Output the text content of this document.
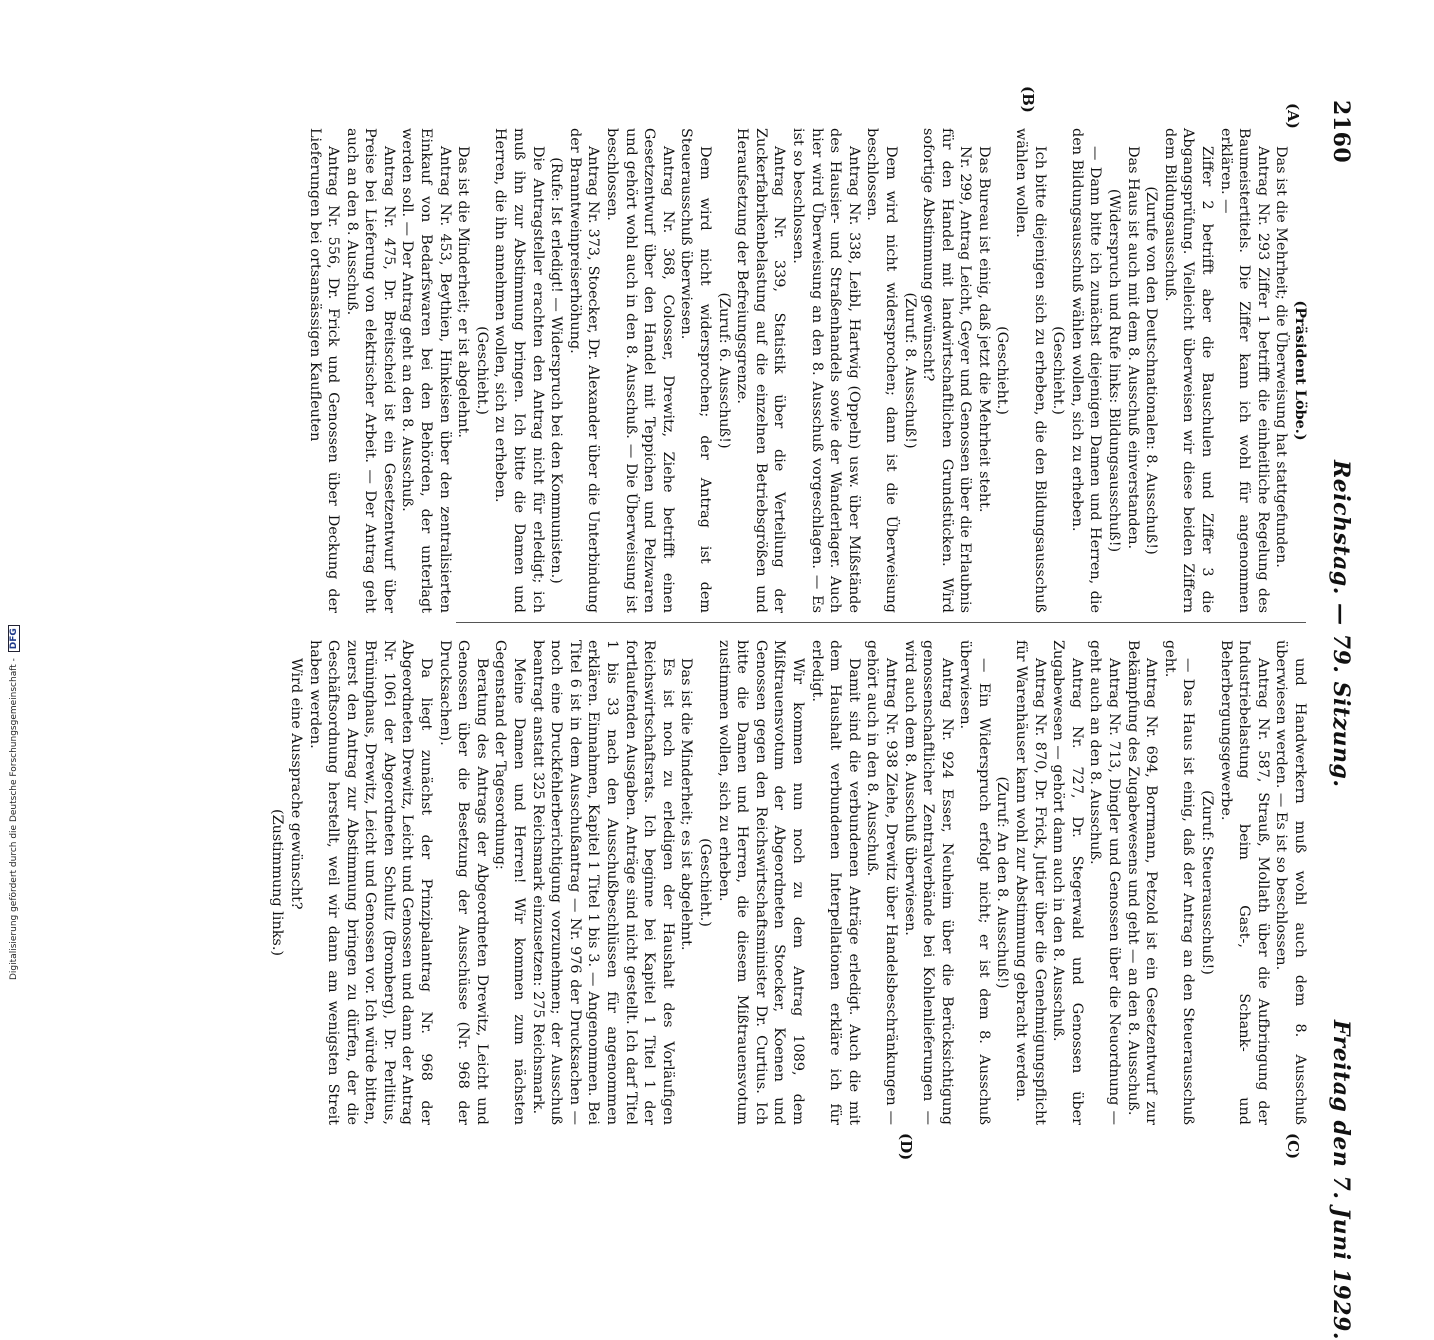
2160
Reichstag. — 79. Sitzung.
Freitag den 7. Juni 1929.
(A)
(B)
(C)
(D)

(Präsident Löbe.)

Das ist die Mehrheit; die Überweisung hat stattgefunden.

Antrag Nr. 293 Ziffer 1 betrifft die einheitliche Regelung des Baumeistertitels. Die Ziffer kann ich wohl für angenommen erklären. —

Ziffer 2 betrifft aber die Bauschulen und Ziffer 3 die Abgangsprüfung. Vielleicht überweisen wir diese beiden Ziffern dem Bildungsausschuß.

(Zurufe von den Deutschnationalen: 8. Ausschuß!)

Das Haus ist auch mit dem 8. Ausschuß einverstanden.

(Widerspruch und Rufe links: Bildungsausschuß!)

— Dann bitte ich zunächst diejenigen Damen und Herren, die den Bildungsausschuß wählen wollen, sich zu erheben.

(Geschieht.)

Ich bitte diejenigen sich zu erheben, die den Bildungsausschuß wählen wollen.

(Geschieht.)

Das Bureau ist einig, daß jetzt die Mehrheit steht.

Nr. 299, Antrag Leicht, Geyer und Genossen über die Erlaubnis für den Handel mit landwirtschaftlichen Grundstücken. Wird sofortige Abstimmung gewünscht?

(Zuruf: 8. Ausschuß!)

Dem wird nicht widersprochen; dann ist die Überweisung beschlossen.

Antrag Nr. 338, Leibl, Hartwig (Oppeln) usw. über Mißstände des Hausier- und Straßenhandels sowie der Wanderlager. Auch hier wird Überweisung an den 8. Ausschuß vorgeschlagen. — Es ist so beschlossen.

Antrag Nr. 339, Statistik über die Verteilung der Zuckerfabrikenbelastung auf die einzelnen Betriebsgrößen und Heraufsetzung der Befreiungsgrenze.

(Zuruf: 6. Ausschuß!)

Dem wird nicht widersprochen; der Antrag ist dem Steuerausschuß überwiesen.

Antrag Nr. 368, Colosser, Drewitz, Ziehe betrifft einen Gesetzentwurf über den Handel mit Teppichen und Pelzwaren und gehört wohl auch in den 8. Ausschuß. — Die Überweisung ist beschlossen.

Antrag Nr. 373, Stoecker, Dr. Alexander über die Unterbindung der Branntweinpreiserhöhung.

(Rufe: Ist erledigt! — Widerspruch bei den Kommunisten.)

Die Antragsteller erachten den Antrag nicht für erledigt; ich muß ihn zur Abstimmung bringen. Ich bitte die Damen und Herren, die ihn annehmen wollen, sich zu erheben.

(Geschieht.)

Das ist die Minderheit; er ist abgelehnt.

Antrag Nr. 453, Beythien, Hinkeisen über den zentralisierten Einkauf von Bedarfswaren bei den Behörden, der unterlagt werden soll. — Der Antrag geht an den 8. Ausschuß.

Antrag Nr. 475, Dr. Breitscheid ist ein Gesetzentwurf über Preise bei Lieferung von elektrischer Arbeit. — Der Antrag geht auch an den 8. Ausschuß.

Antrag Nr. 556, Dr. Frick und Genossen über Deckung der Lieferungen bei ortsansässigen Kaufleuten

und Handwerkern muß wohl auch dem 8. Ausschuß überwiesen werden. — Es ist so beschlossen.

Antrag Nr. 587, Strauß, Mollath über die Aufbringung der Industriebelastung beim Gast-, Schank- und Beherbergungsgewerbe.

(Zuruf: Steuerausschuß!)

— Das Haus ist einig, daß der Antrag an den Steuerausschuß geht.

Antrag Nr. 694, Borrmann, Petzold ist ein Gesetzentwurf zur Bekämpfung des Zugabewesens und geht — an den 8. Ausschuß.

Antrag Nr. 713, Dingler und Genossen über die Neuordnung — geht auch an den 8. Ausschuß.

Antrag Nr. 727, Dr. Stegerwald und Genossen über Zugabewesen — gehört dann auch in den 8. Ausschuß.

Antrag Nr. 870, Dr. Frick, Jutier über die Genehmigungspflicht für Warenhäuser kann wohl zur Abstimmung gebracht werden.

(Zuruf: An den 8. Ausschuß!)

— Ein Widerspruch erfolgt nicht; er ist dem 8. Ausschuß überwiesen.

Antrag Nr. 924 Esser, Neuheim über die Berücksichtigung genossenschaftlicher Zentralverbände bei Kohlenlieferungen — wird auch dem 8. Ausschuß überwiesen.

Antrag Nr. 938 Ziehe, Drewitz über Handelsbeschränkungen — gehört auch in den 8. Ausschuß.

Damit sind die verbundenen Anträge erledigt. Auch die mit dem Haushalt verbundenen Interpellationen erkläre ich für erledigt.

Wir kommen nun noch zu dem Antrag 1089, dem Mißtrauensvotum der Abgeordneten Stoecker, Koenen und Genossen gegen den Reichswirtschaftsminister Dr. Curtius. Ich bitte die Damen und Herren, die diesem Mißtrauensvotum zustimmen wollen, sich zu erheben.

(Geschieht.)

Das ist die Minderheit; es ist abgelehnt.

Es ist noch zu erledigen der Haushalt des Vorläufigen Reichswirtschaftsrats. Ich beginne bei Kapitel 1 Titel 1 der fortlaufenden Ausgaben. Anträge sind nicht gestellt. Ich darf Titel 1 bis 33 nach den Ausschußbeschlüssen für angenommen erklären. Einnahmen, Kapitel 1 Titel 1 bis 3. — Angenommen. Bei Titel 6 ist in dem Ausschußantrag — Nr. 976 der Drucksachen — noch eine Druckfehlerberichtigung vorzunehmen; der Ausschuß beantragt anstatt 325 Reichsmark einzusetzen: 275 Reichsmark.

Meine Damen und Herren! Wir kommen zum nächsten Gegenstand der Tagesordnung:

Beratung des Antrags der Abgeordneten Drewitz, Leicht und Genossen über die Besetzung der Ausschüsse (Nr. 968 der Drucksachen).

Da liegt zunächst der Prinzipalantrag Nr. 968 der Abgeordneten Drewitz, Leicht und Genossen und dann der Antrag Nr. 1061 der Abgeordneten Schultz (Bromberg), Dr. Perlitius, Brüninghaus, Drewitz, Leicht und Genossen vor. Ich würde bitten, zuerst den Antrag zur Abstimmung bringen zu dürfen, der die Geschäftsordnung herstellt, weil wir dann am wenigsten Streit haben werden.

Wird eine Aussprache gewünscht?

(Zustimmung links.)

Digitalisierung gefördert durch die Deutsche Forschungsgemeinschaft - DFG
